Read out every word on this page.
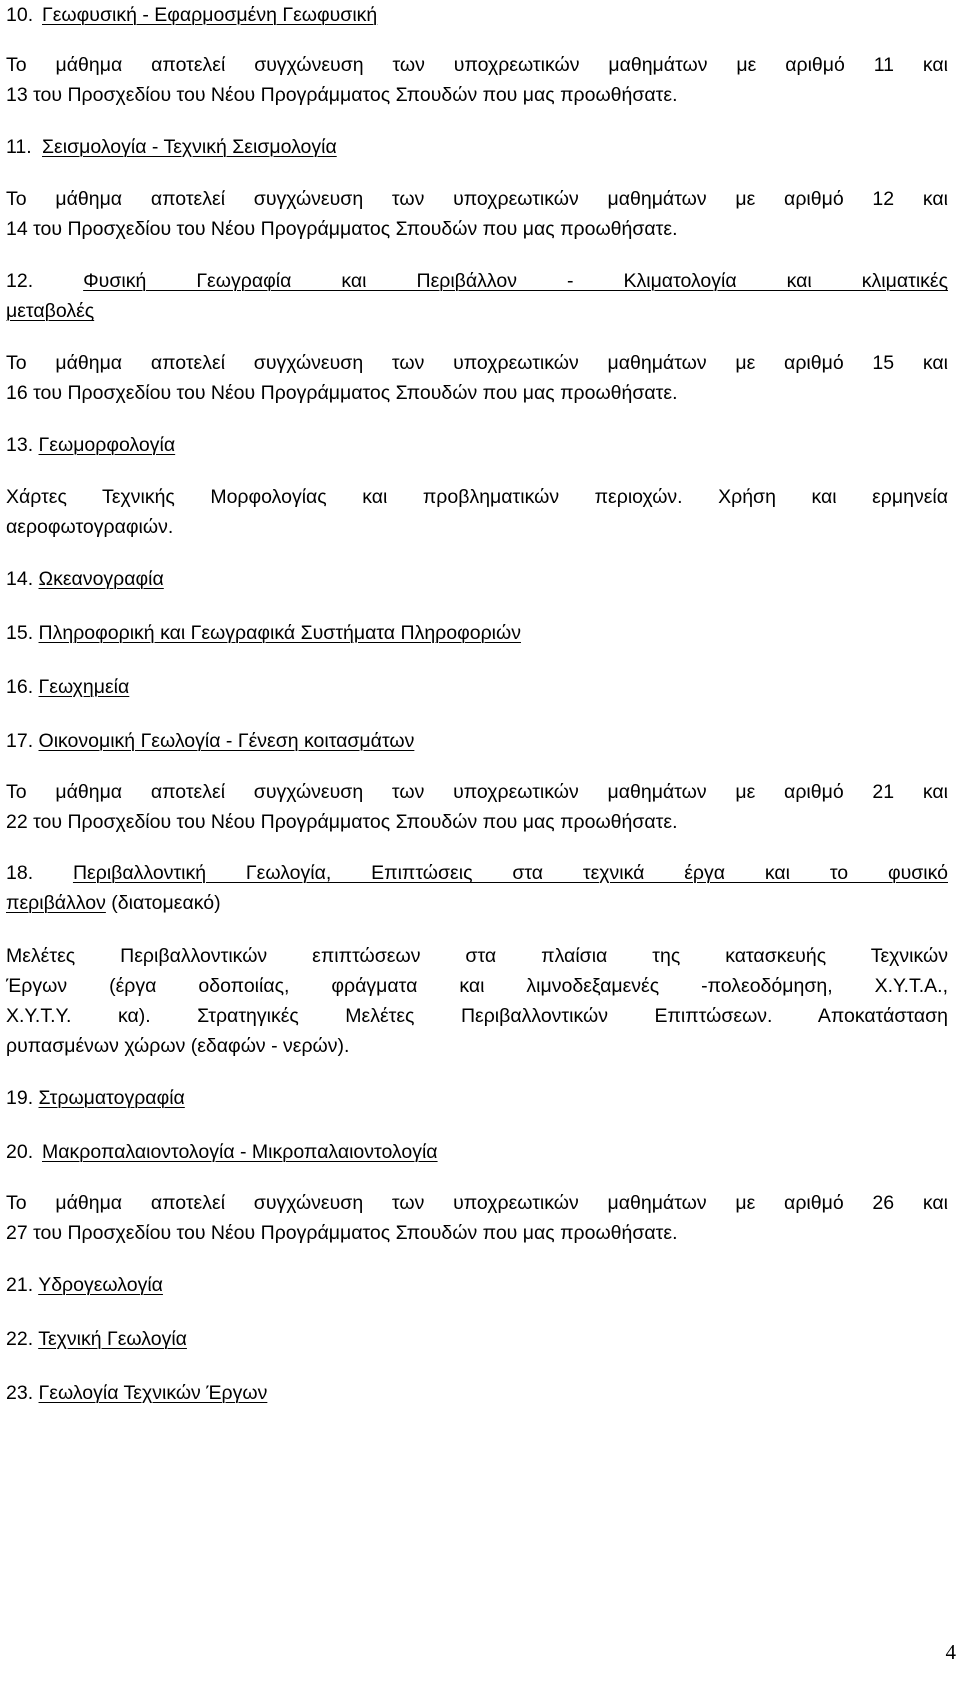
10. Γεωφυσική - Εφαρμοσμένη Γεωφυσική
Το μάθημα αποτελεί συγχώνευση των υποχρεωτικών μαθημάτων με αριθμό 11 και
13 του Προσχεδίου του Νέου Προγράμματος Σπουδών που μας προωθήσατε.
11. Σεισμολογία - Τεχνική Σεισμολογία
Το μάθημα αποτελεί συγχώνευση των υποχρεωτικών μαθημάτων με αριθμό 12 και
14 του Προσχεδίου του Νέου Προγράμματος Σπουδών που μας προωθήσατε.
12.	Φυσική Γεωγραφία και Περιβάλλον - Κλιματολογία και κλιματικές
μεταβολές
Το μάθημα αποτελεί συγχώνευση των υποχρεωτικών μαθημάτων με αριθμό 15 και
16 του Προσχεδίου του Νέου Προγράμματος Σπουδών που μας προωθήσατε.
13. Γεωμορφολογία
Χάρτες Τεχνικής Μορφολογίας και προβληματικών περιοχών. Χρήση και ερμηνεία
αεροφωτογραφιών.
14. Ωκεανογραφία
15. Πληροφορική και Γεωγραφικά Συστήματα Πληροφοριών
16. Γεωχημεία
17. Οικονομική Γεωλογία - Γένεση κοιτασμάτων
Το μάθημα αποτελεί συγχώνευση των υποχρεωτικών μαθημάτων με αριθμό 21 και
22 του Προσχεδίου του Νέου Προγράμματος Σπουδών που μας προωθήσατε.
18. Περιβαλλοντική Γεωλογία, Επιπτώσεις στα τεχνικά έργα και το φυσικό
περιβάλλον (διατομεακό)
Μελέτες Περιβαλλοντικών επιπτώσεων στα πλαίσια της κατασκευής Τεχνικών
Έργων (έργα οδοποιίας, φράγματα και λιμνοδεξαμενές -πολεοδόμηση, Χ.Υ.Τ.Α.,
Χ.Υ.Τ.Υ. κα). Στρατηγικές Μελέτες Περιβαλλοντικών Επιπτώσεων. Αποκατάσταση
ρυπασμένων χώρων (εδαφών - νερών).
19. Στρωματογραφία
20. Μακροπαλαιοντολογία - Μικροπαλαιοντολογία
Το μάθημα αποτελεί συγχώνευση των υποχρεωτικών μαθημάτων με αριθμό 26 και
27 του Προσχεδίου του Νέου Προγράμματος Σπουδών που μας προωθήσατε.
21. Υδρογεωλογία
22. Τεχνική Γεωλογία
23. Γεωλογία Τεχνικών Έργων
4
